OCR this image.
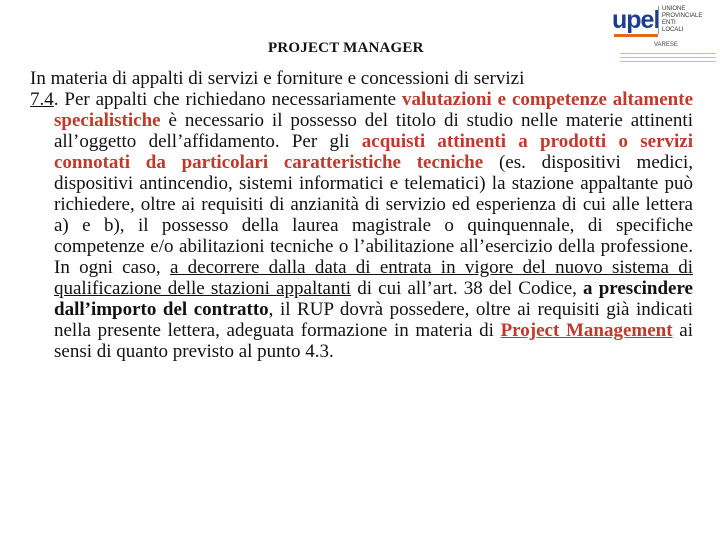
PROJECT MANAGER
upel UNIONE
PROVINCIALE
ENTI
LOCALI
VARESE

In materia di appalti di servizi e forniture e concessioni di servizi

7.4. Per appalti che richiedano necessariamente valutazioni e competenze altamente specialistiche è necessario il possesso del titolo di studio nelle materie attinenti all’oggetto dell’affidamento. Per gli acquisti attinenti a prodotti o servizi connotati da particolari caratteristiche tecniche (es. dispositivi medici, dispositivi antincendio, sistemi informatici e telematici) la stazione appaltante può richiedere, oltre ai requisiti di anzianità di servizio ed esperienza di cui alle lettera a) e b), il possesso della laurea magistrale o quinquennale, di specifiche competenze e/o abilitazioni tecniche o l’abilitazione all’esercizio della professione. In ogni caso, a decorrere dalla data di entrata in vigore del nuovo sistema di qualificazione delle stazioni appaltanti di cui all’art. 38 del Codice, a prescindere dall’importo del contratto, il RUP dovrà possedere, oltre ai requisiti già indicati nella presente lettera, adeguata formazione in materia di Project Management ai sensi di quanto previsto al punto 4.3.
